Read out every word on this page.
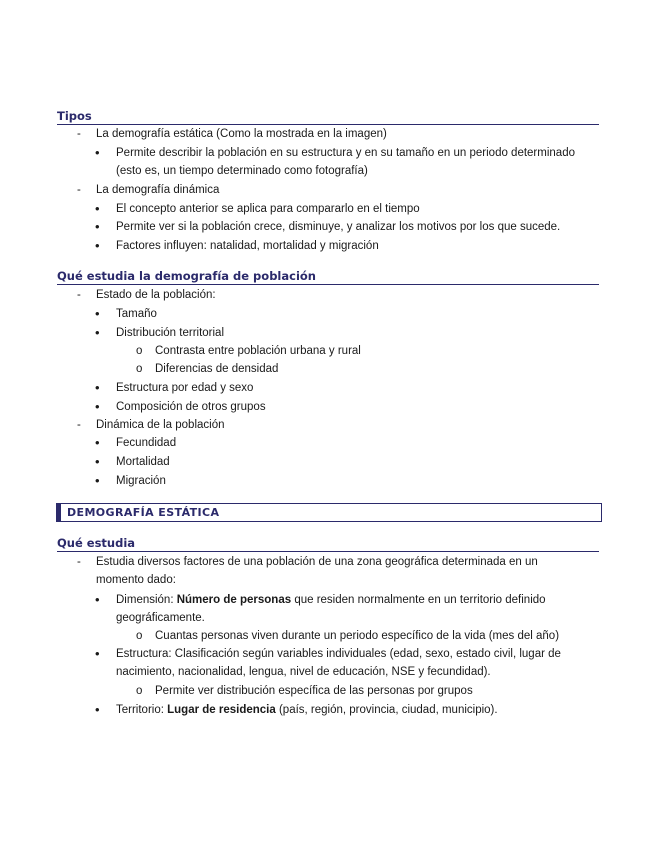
Tipos
- La demografía estática (Como la mostrada en la imagen)
• Permite describir la población en su estructura y en su tamaño en un periodo determinado
(esto es, un tiempo determinado como fotografía)
- La demografía dinámica
• El concepto anterior se aplica para compararlo en el tiempo
• Permite ver si la población crece, disminuye, y analizar los motivos por los que sucede.
• Factores influyen: natalidad, mortalidad y migración
Qué estudia la demografía de población
- Estado de la población:
• Tamaño
• Distribución territorial
o Contrasta entre población urbana y rural
o Diferencias de densidad
• Estructura por edad y sexo
• Composición de otros grupos
- Dinámica de la población
• Fecundidad
• Mortalidad
• Migración
DEMOGRAFÍA ESTÁTICA
Qué estudia
- Estudia diversos factores de una población de una zona geográfica determinada en un
momento dado:
• Dimensión: Número de personas que residen normalmente en un territorio definido
geográficamente.
o Cuantas personas viven durante un periodo específico de la vida (mes del año)
• Estructura: Clasificación según variables individuales (edad, sexo, estado civil, lugar de
nacimiento, nacionalidad, lengua, nivel de educación, NSE y fecundidad).
o Permite ver distribución específica de las personas por grupos
• Territorio: Lugar de residencia (país, región, provincia, ciudad, municipio).
